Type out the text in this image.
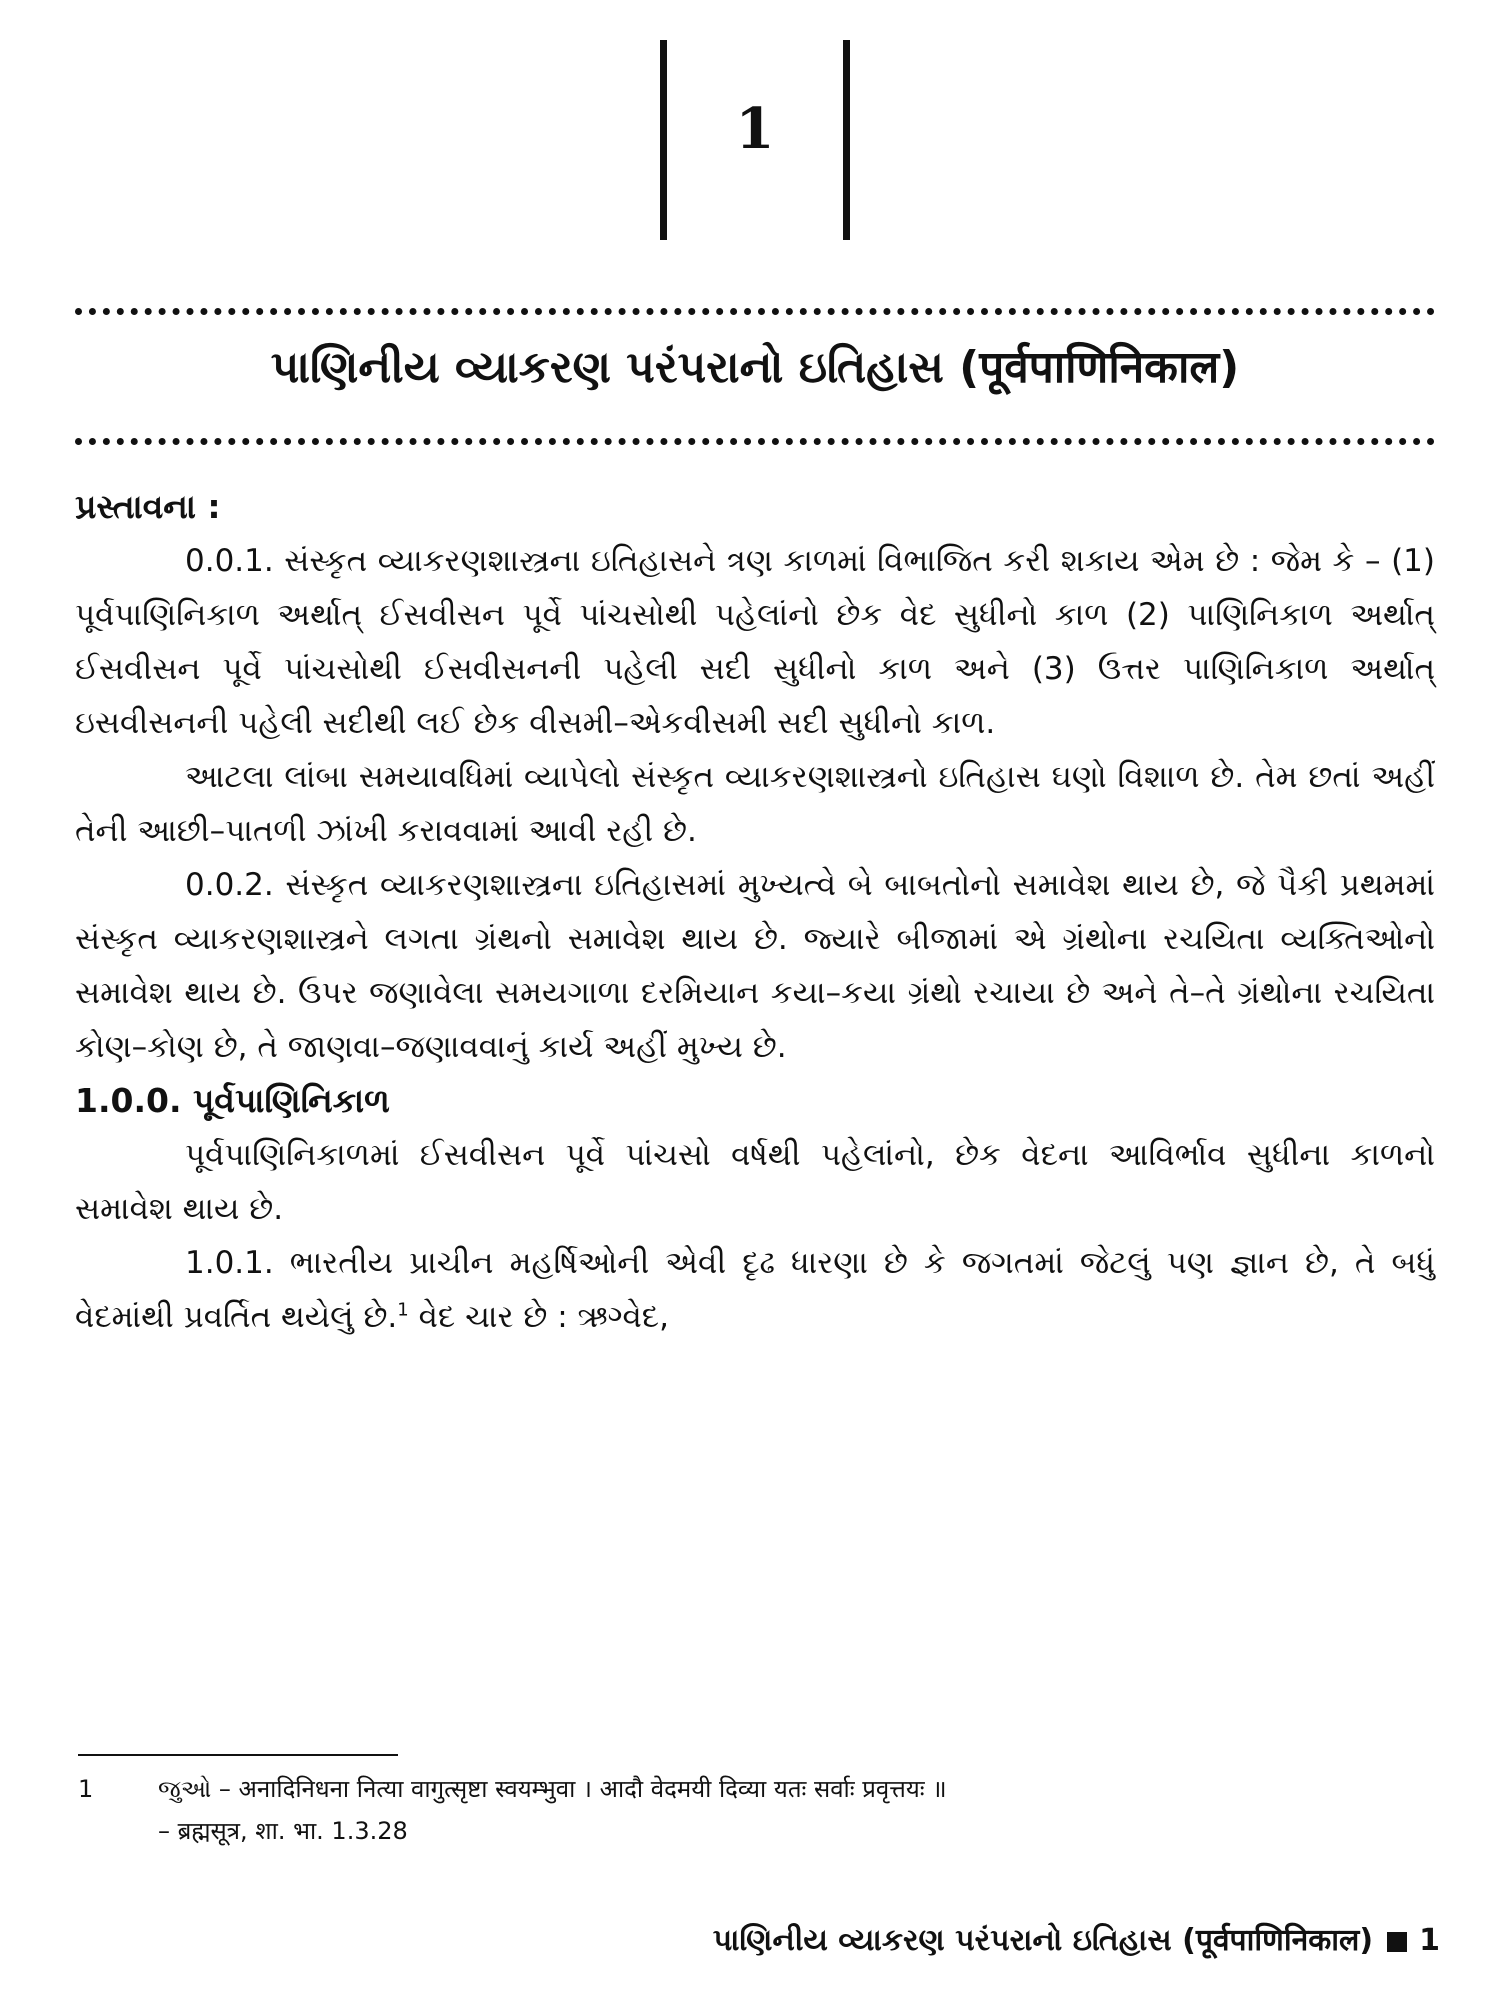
1
પાણિનીય વ્યાકરણ પરંપરાનો ઇતિહાસ (पूर्वपाणिनिकाल)

પ્રસ્તાવના :

0.0.1. સંસ્કૃત વ્યાકરણશાસ્ત્રના ઇતિહાસને ત્રણ કાળમાં વિભાજિત કરી શકાય એમ છે : જેમ કે – (1) પૂર્વપાણિનિકાળ અર્થાત્ ઈસવીસન પૂર્વે પાંચસોથી પહેલાંનો છેક વેદ સુધીનો કાળ (2) પાણિનિકાળ અર્થાત્ ઈસવીસન પૂર્વે પાંચસોથી ઈસવીસનની પહેલી સદી સુધીનો કાળ અને (3) ઉત્તર પાણિનિકાળ અર્થાત્ ઇસવીસનની પહેલી સદીથી લઈ છેક વીસમી–એકવીસમી સદી સુધીનો કાળ.

આટલા લાંબા સમયાવધિમાં વ્યાપેલો સંસ્કૃત વ્યાકરણશાસ્ત્રનો ઇતિહાસ ઘણો વિશાળ છે. તેમ છતાં અહીં તેની આછી–પાતળી ઝાંખી કરાવવામાં આવી રહી છે.

0.0.2. સંસ્કૃત વ્યાકરણશાસ્ત્રના ઇતિહાસમાં મુખ્યત્વે બે બાબતોનો સમાવેશ થાય છે, જે પૈકી પ્રથમમાં સંસ્કૃત વ્યાકરણશાસ્ત્રને લગતા ગ્રંથનો સમાવેશ થાય છે. જ્યારે બીજામાં એ ગ્રંથોના રચયિતા વ્યક્તિઓનો સમાવેશ થાય છે. ઉપર જણાવેલા સમયગાળા દરમિયાન કયા–કયા ગ્રંથો રચાયા છે અને તે–તે ગ્રંથોના રચયિતા કોણ–કોણ છે, તે જાણવા–જણાવવાનું કાર્ય અહીં મુખ્ય છે.

1.0.0. પૂર્વપાણિનિકાળ

પૂર્વપાણિનિકાળમાં ઈસવીસન પૂર્વે પાંચસો વર્ષથી પહેલાંનો, છેક વેદના આવિર્ભાવ સુધીના કાળનો સમાવેશ થાય છે.

1.0.1. ભારતીય પ્રાચીન મહર્ષિઓની એવી દૃઢ ધારણા છે કે જગતમાં જેટલું પણ જ્ઞાન છે, તે બધું વેદમાંથી પ્રવર્તિત થયેલું છે.$^1$ વેદ ચાર છે : ઋગ્વેદ,

1	જુઓ – अनादिनिधना नित्या वागुत्सृष्टा स्वयम्भुवा । आदौ वेदमयी दिव्या यतः सर्वाः प्रवृत्तयः ॥
– ब्रह्मसूत्र, शा. भा. 1.3.28
પાણિનીય વ્યાકરણ પરંપરાનો ઇતિહાસ (पूर्वपाणिनिकाल) 1
